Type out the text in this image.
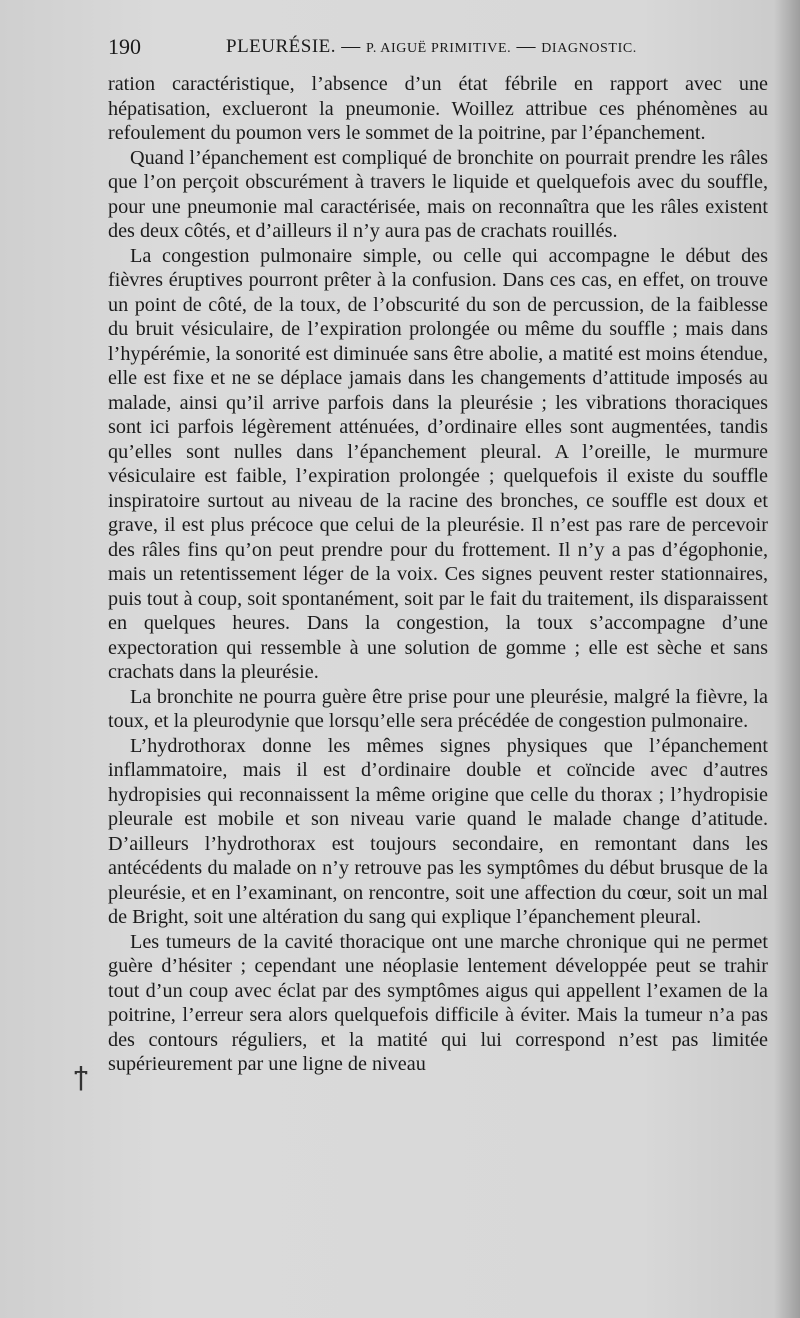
190	PLEURÉSIE. — P. AIGUË PRIMITIVE. — DIAGNOSTIC.

ration caractéristique, l’absence d’un état fébrile en rapport avec une hépatisation, exclueront la pneumonie. Woillez attribue ces phénomènes au refoulement du poumon vers le sommet de la poitrine, par l’épanchement.

Quand l’épanchement est compliqué de bronchite on pourrait prendre les râles que l’on perçoit obscurément à travers le liquide et quelquefois avec du souffle, pour une pneumonie mal caractérisée, mais on reconnaîtra que les râles existent des deux côtés, et d’ailleurs il n’y aura pas de crachats rouillés.

La congestion pulmonaire simple, ou celle qui accompagne le début des fièvres éruptives pourront prêter à la confusion. Dans ces cas, en effet, on trouve un point de côté, de la toux, de l’obscurité du son de percussion, de la faiblesse du bruit vésiculaire, de l’expiration prolongée ou même du souffle ; mais dans l’hypérémie, la sonorité est diminuée sans être abolie, a matité est moins étendue, elle est fixe et ne se déplace jamais dans les changements d’attitude imposés au malade, ainsi qu’il arrive parfois dans la pleurésie ; les vibrations thoraciques sont ici parfois légèrement atténuées, d’ordinaire elles sont augmentées, tandis qu’elles sont nulles dans l’épanchement pleural. A l’oreille, le murmure vésiculaire est faible, l’expiration prolongée ; quelquefois il existe du souffle inspiratoire surtout au niveau de la racine des bronches, ce souffle est doux et grave, il est plus précoce que celui de la pleurésie. Il n’est pas rare de percevoir des râles fins qu’on peut prendre pour du frottement. Il n’y a pas d’égophonie, mais un retentissement léger de la voix. Ces signes peuvent rester stationnaires, puis tout à coup, soit spontanément, soit par le fait du traitement, ils disparaissent en quelques heures. Dans la congestion, la toux s’accompagne d’une expectoration qui ressemble à une solution de gomme ; elle est sèche et sans crachats dans la pleurésie.

La bronchite ne pourra guère être prise pour une pleurésie, malgré la fièvre, la toux, et la pleurodynie que lorsqu’elle sera précédée de congestion pulmonaire.

L’hydrothorax donne les mêmes signes physiques que l’épanchement inflammatoire, mais il est d’ordinaire double et coïncide avec d’autres hydropisies qui reconnaissent la même origine que celle du thorax ; l’hydropisie pleurale est mobile et son niveau varie quand le malade change d’atitude. D’ailleurs l’hydrothorax est toujours secondaire, en remontant dans les antécédents du malade on n’y retrouve pas les symptômes du début brusque de la pleurésie, et en l’examinant, on rencontre, soit une affection du cœur, soit un mal de Bright, soit une altération du sang qui explique l’épanchement pleural.

Les tumeurs de la cavité thoracique ont une marche chronique qui ne permet guère d’hésiter ; cependant une néoplasie lentement développée peut se trahir tout d’un coup avec éclat par des symptômes aigus qui appellent l’examen de la poitrine, l’erreur sera alors quelquefois difficile à éviter. Mais la tumeur n’a pas des contours réguliers, et la matité qui lui correspond n’est pas limitée supérieurement par une ligne de niveau

ϯ
